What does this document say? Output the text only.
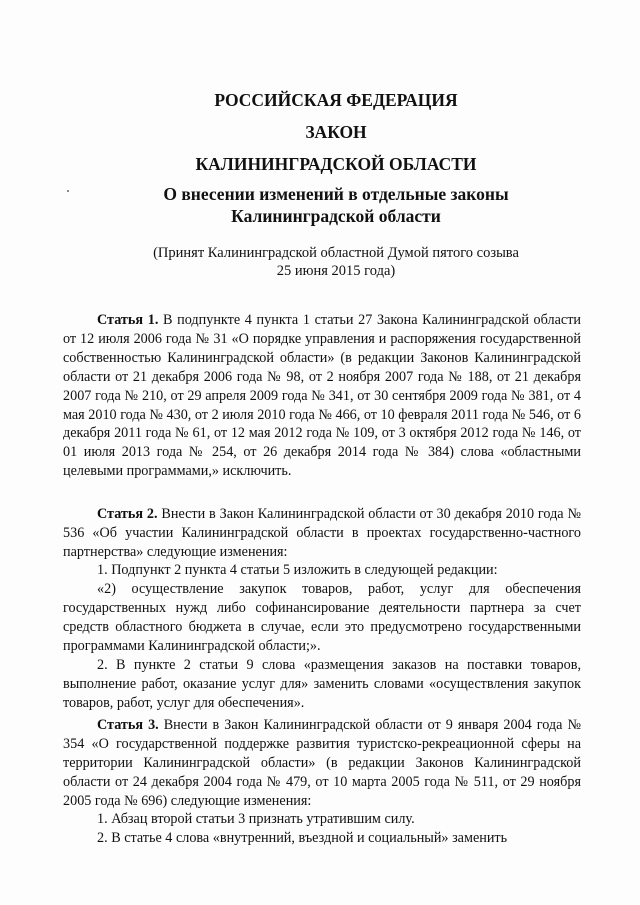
РОССИЙСКАЯ ФЕДЕРАЦИЯ
ЗАКОН
КАЛИНИНГРАДСКОЙ ОБЛАСТИ
О внесении изменений в отдельные законы
Калининградской области
(Принят Калининградской областной Думой пятого созыва
25 июня 2015 года)
Статья 1. В подпункте 4 пункта 1 статьи 27 Закона Калининградской области от 12 июля 2006 года № 31 «О порядке управления и распоряжения государственной собственностью Калининградской области» (в редакции Законов Калининградской области от 21 декабря 2006 года № 98, от 2 ноября 2007 года № 188, от 21 декабря 2007 года № 210, от 29 апреля 2009 года № 341, от 30 сентября 2009 года № 381, от 4 мая 2010 года № 430, от 2 июля 2010 года № 466, от 10 февраля 2011 года № 546, от 6 декабря 2011 года № 61, от 12 мая 2012 года № 109, от 3 октября 2012 года № 146, от 01 июля 2013 года № 254, от 26 декабря 2014 года № 384) слова «областными целевыми программами,» исключить.
Статья 2. Внести в Закон Калининградской области от 30 декабря 2010 года № 536 «Об участии Калининградской области в проектах государственно-частного партнерства» следующие изменения:
1. Подпункт 2 пункта 4 статьи 5 изложить в следующей редакции:
«2) осуществление закупок товаров, работ, услуг для обеспечения государственных нужд либо софинансирование деятельности партнера за счет средств областного бюджета в случае, если это предусмотрено государственными программами Калининградской области;».
2. В пункте 2 статьи 9 слова «размещения заказов на поставки товаров, выполнение работ, оказание услуг для» заменить словами «осуществления закупок товаров, работ, услуг для обеспечения».
Статья 3. Внести в Закон Калининградской области от 9 января 2004 года № 354 «О государственной поддержке развития туристско-рекреационной сферы на территории Калининградской области» (в редакции Законов Калининградской области от 24 декабря 2004 года № 479, от 10 марта 2005 года № 511, от 29 ноября 2005 года № 696) следующие изменения:
1. Абзац второй статьи 3 признать утратившим силу.
2. В статье 4 слова «внутренний, въездной и социальный» заменить
